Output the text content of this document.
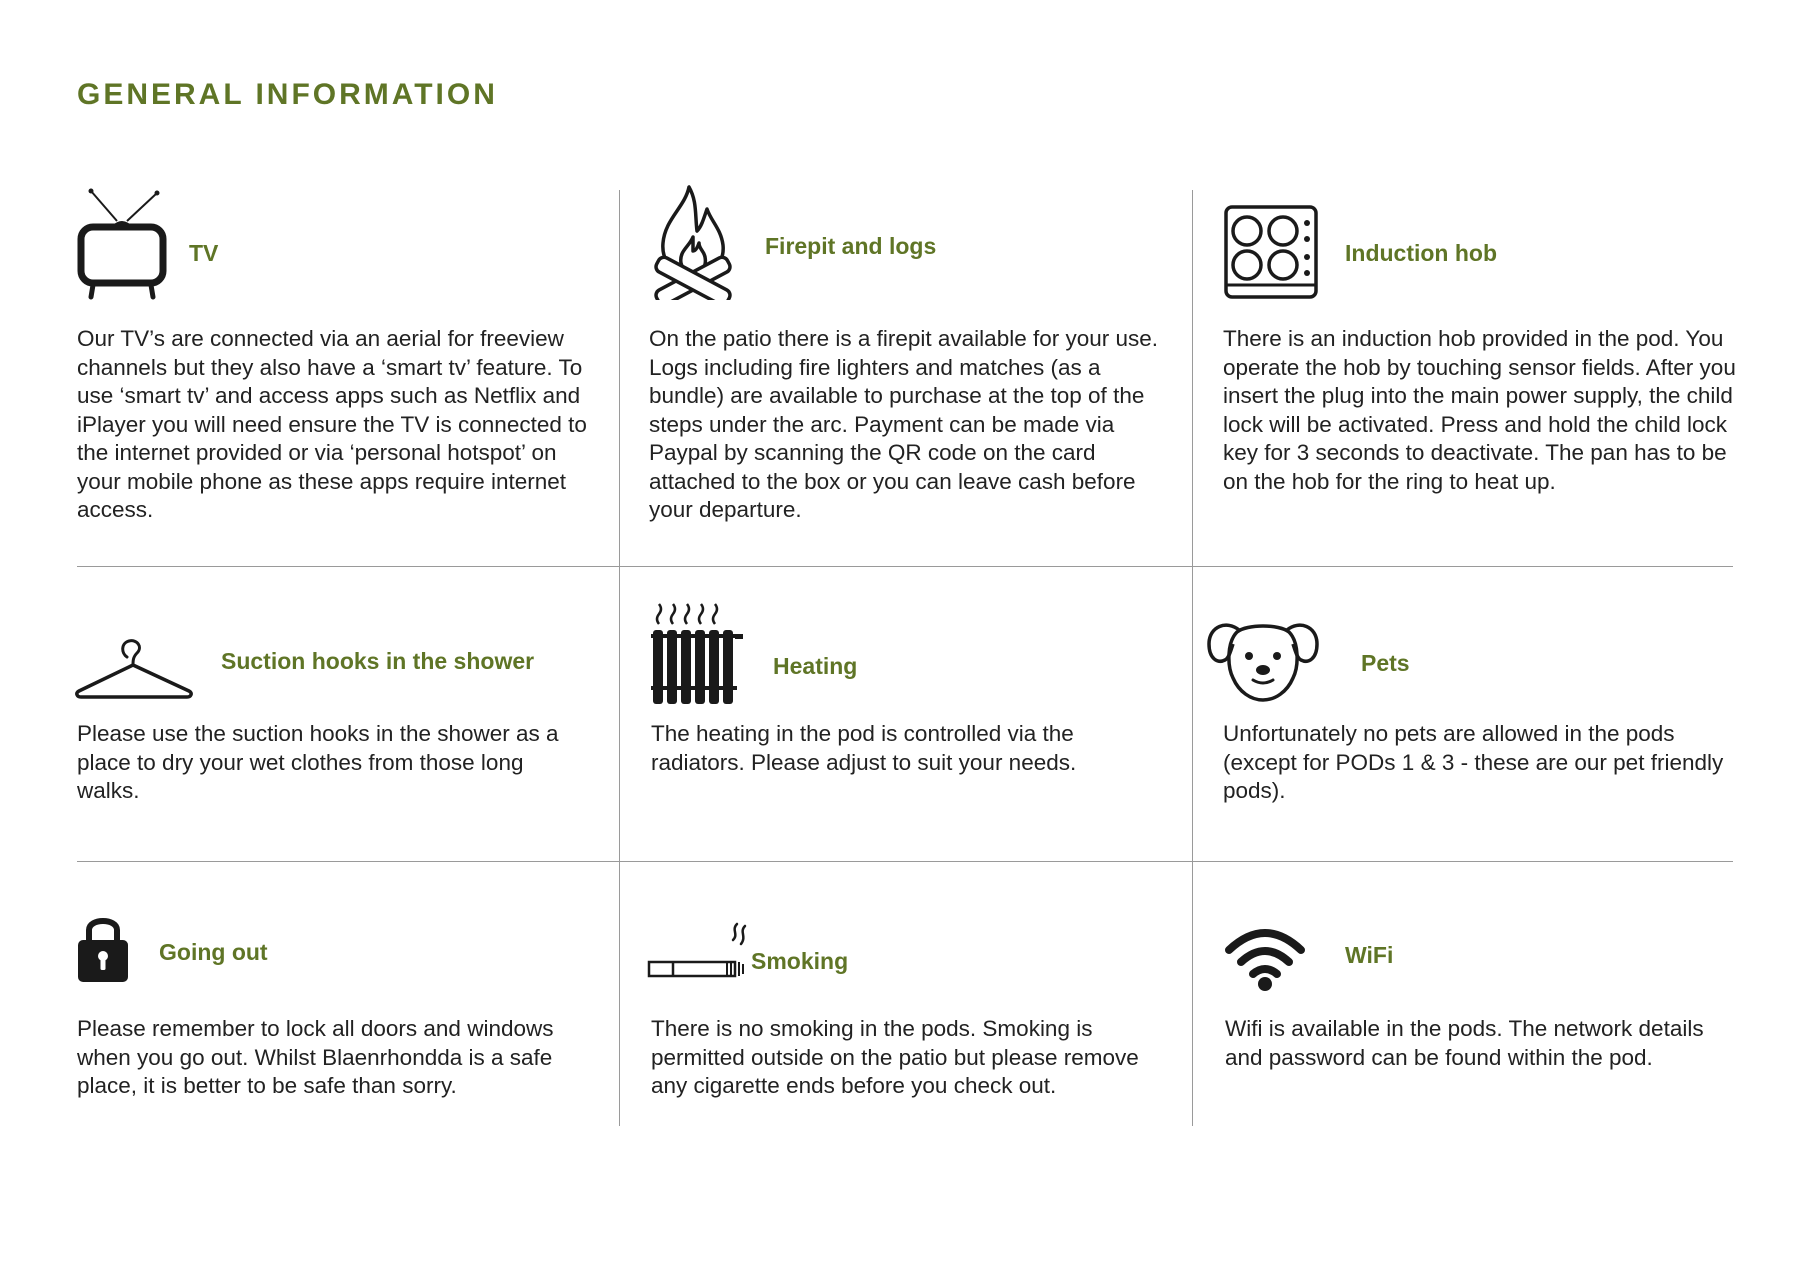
GENERAL INFORMATION
TV

Our TV’s are connected via an aerial for freeview channels but they also have a ‘smart tv’ feature. To use ‘smart tv’ and access apps such as Netflix and iPlayer you will need ensure the TV is connected to the internet provided or via ‘personal hotspot’ on your mobile phone as these apps require internet access.

Firepit and logs

On the patio there is a firepit available for your use. Logs including fire lighters and matches (as a bundle) are available to purchase at the top of the steps under the arc. Payment can be made via Paypal by scanning the QR code on the card attached to the box or you can leave cash before your departure.

Induction hob

There is an induction hob provided in the pod. You operate the hob by touching sensor fields. After you insert the plug into the main power supply, the child lock will be activated. Press and hold the child lock key for 3 seconds to deactivate. The pan has to be on the hob for the ring to heat up.

Suction hooks in the shower

Please use the suction hooks in the shower as a place to dry your wet clothes from those long walks.

Heating

The heating in the pod is controlled via the radiators. Please adjust to suit your needs.

Pets

Unfortunately no pets are allowed in the pods (except for PODs 1 & 3 - these are our pet friendly pods).

Going out

Please remember to lock all doors and windows when you go out. Whilst Blaenrhondda is a safe place, it is better to be safe than sorry.

Smoking

There is no smoking in the pods. Smoking is permitted outside on the patio but please remove any cigarette ends before you check out.

WiFi

Wifi is available in the pods. The network details and password can be found within the pod.
